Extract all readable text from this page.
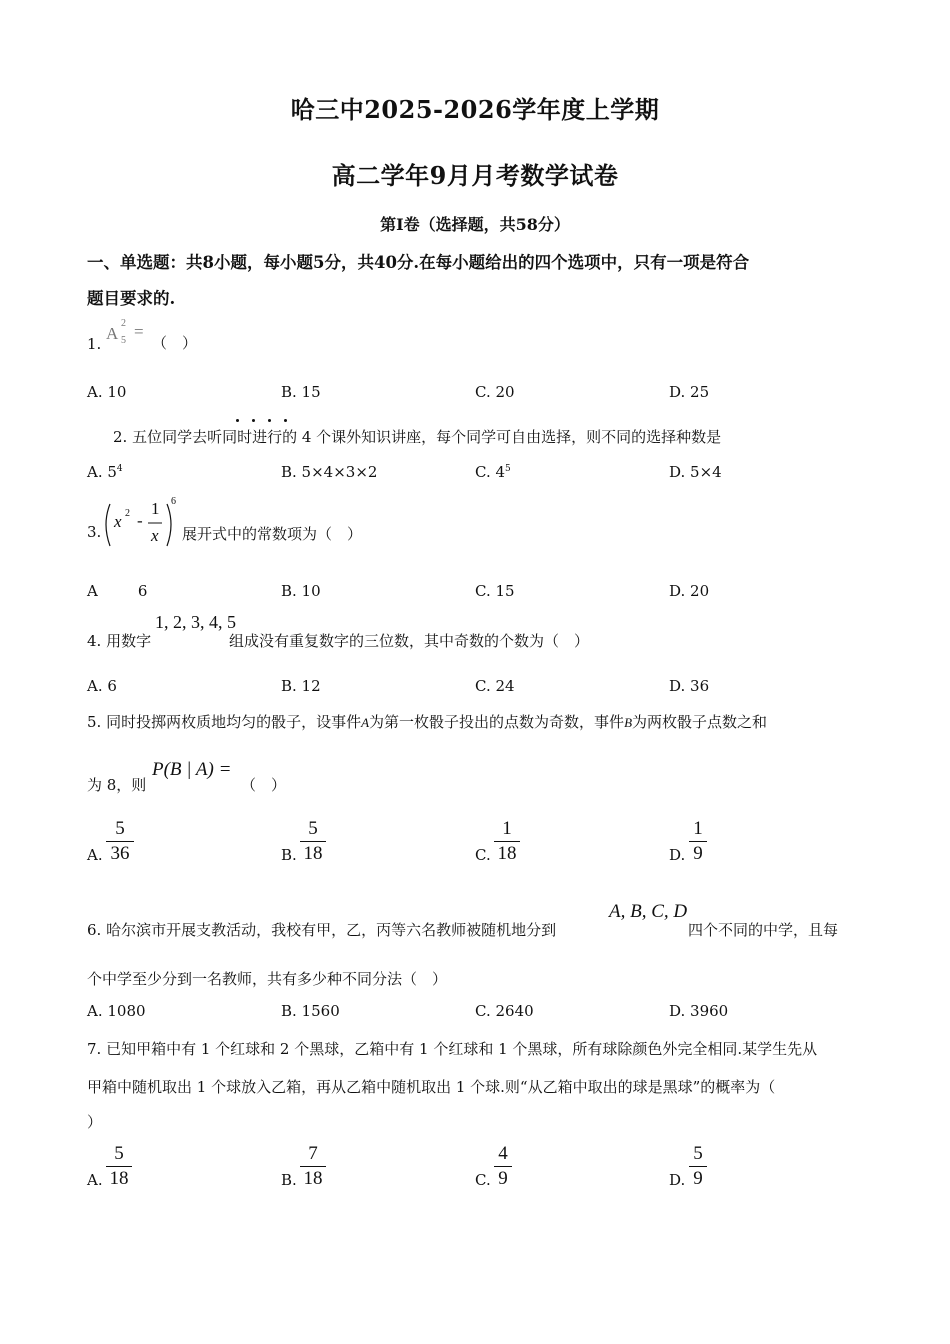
哈三中2025-2026学年度上学期
高二学年9月月考数学试卷
第I卷（选择题，共58分）
一、单选题：共8小题，每小题5分，共40分.在每小题给出的四个选项中，只有一项是符合
题目要求的.
1.
A
2
5 =
（　）
A. 10	B. 15	C. 20	D. 25
2. 五位同学去听同时进行的 4 个课外知识讲座，每个同学可自由选择，则不同的选择种数是
A. $5^4$	B. 5×4×3×2	C. $4^5$	D. 5×4
3.
x 2 -
1
x
6
展开式中的常数项为（　）
A	6	B. 10	C. 15	D. 20
4. 用数字
1, 2, 3, 4, 5
组成没有重复数字的三位数，其中奇数的个数为（　）
A. 6	B. 12	C. 24	D. 36
5. 同时投掷两枚质地均匀的骰子，设事件A为第一枚骰子投出的点数为奇数，事件B为两枚骰子点数之和
为 8，则
P(B | A) =
（　）
A.
5
36	B.
5
18	C.
1
18	D.
1
9
6. 哈尔滨市开展支教活动，我校有甲，乙，丙等六名教师被随机地分到
A, B, C, D
四个不同的中学，且每
个中学至少分到一名教师，共有多少种不同分法（　）
A. 1080	B. 1560	C. 2640	D. 3960
7. 已知甲箱中有 1 个红球和 2 个黑球，乙箱中有 1 个红球和 1 个黑球，所有球除颜色外完全相同.某学生先从
甲箱中随机取出 1 个球放入乙箱，再从乙箱中随机取出 1 个球.则“从乙箱中取出的球是黑球”的概率为（
）
A.
5
18	B.
7
18	C.
4
9	D.
5
9
